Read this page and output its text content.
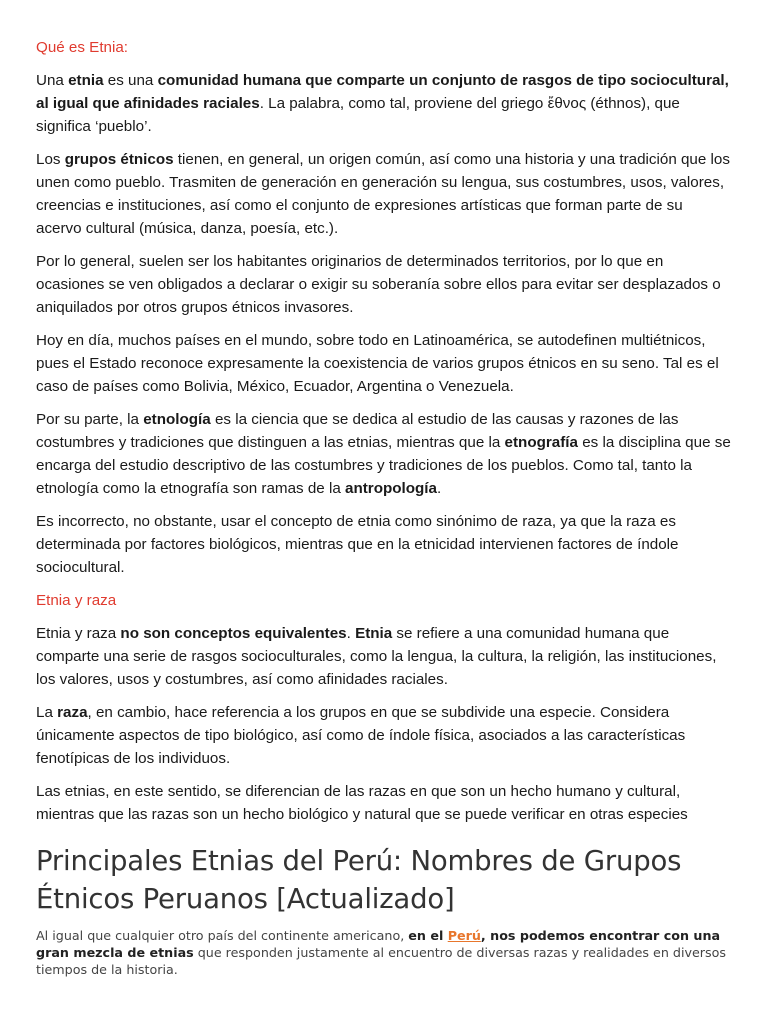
Qué es Etnia:

Una etnia es una comunidad humana que comparte un conjunto de rasgos de tipo sociocultural, al igual que afinidades raciales. La palabra, como tal, proviene del griego ἔθνος (éthnos), que significa ‘pueblo’.

Los grupos étnicos tienen, en general, un origen común, así como una historia y una tradición que los unen como pueblo. Trasmiten de generación en generación su lengua, sus costumbres, usos, valores, creencias e instituciones, así como el conjunto de expresiones artísticas que forman parte de su acervo cultural (música, danza, poesía, etc.).

Por lo general, suelen ser los habitantes originarios de determinados territorios, por lo que en ocasiones se ven obligados a declarar o exigir su soberanía sobre ellos para evitar ser desplazados o aniquilados por otros grupos étnicos invasores.

Hoy en día, muchos países en el mundo, sobre todo en Latinoamérica, se autodefinen multiétnicos, pues el Estado reconoce expresamente la coexistencia de varios grupos étnicos en su seno. Tal es el caso de países como Bolivia, México, Ecuador, Argentina o Venezuela.

Por su parte, la etnología es la ciencia que se dedica al estudio de las causas y razones de las costumbres y tradiciones que distinguen a las etnias, mientras que la etnografía es la disciplina que se encarga del estudio descriptivo de las costumbres y tradiciones de los pueblos. Como tal, tanto la etnología como la etnografía son ramas de la antropología.

Es incorrecto, no obstante, usar el concepto de etnia como sinónimo de raza, ya que la raza es determinada por factores biológicos, mientras que en la etnicidad intervienen factores de índole sociocultural.

Etnia y raza

Etnia y raza no son conceptos equivalentes. Etnia se refiere a una comunidad humana que comparte una serie de rasgos socioculturales, como la lengua, la cultura, la religión, las instituciones, los valores, usos y costumbres, así como afinidades raciales.

La raza, en cambio, hace referencia a los grupos en que se subdivide una especie. Considera únicamente aspectos de tipo biológico, así como de índole física, asociados a las características fenotípicas de los individuos.

Las etnias, en este sentido, se diferencian de las razas en que son un hecho humano y cultural, mientras que las razas son un hecho biológico y natural que se puede verificar en otras especies

Principales Etnias del Perú: Nombres de Grupos Étnicos Peruanos [Actualizado]

Al igual que cualquier otro país del continente americano, en el Perú, nos podemos encontrar con una gran mezcla de etnias que responden justamente al encuentro de diversas razas y realidades en diversos tiempos de la historia.
